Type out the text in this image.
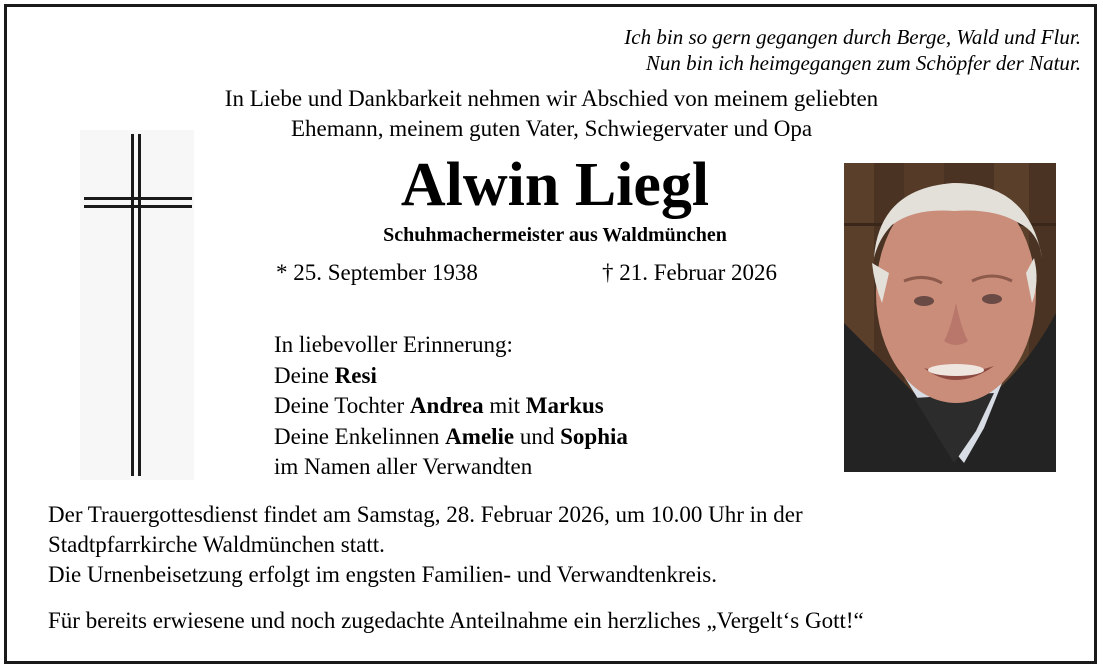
Ich bin so gern gegangen durch Berge, Wald und Flur.
Nun bin ich heimgegangen zum Schöpfer der Natur.
In Liebe und Dankbarkeit nehmen wir Abschied von meinem geliebten
Ehemann, meinem guten Vater, Schwiegervater und Opa
Alwin Liegl
Schuhmachermeister aus Waldmünchen
* 25. September 1938	† 21. Februar 2026
In liebevoller Erinnerung:
Deine Resi
Deine Tochter Andrea mit Markus
Deine Enkelinnen Amelie und Sophia
im Namen aller Verwandten
Der Trauergottesdienst findet am Samstag, 28. Februar 2026, um 10.00 Uhr in der
Stadtpfarrkirche Waldmünchen statt.
Die Urnenbeisetzung erfolgt im engsten Familien- und Verwandtenkreis.
Für bereits erwiesene und noch zugedachte Anteilnahme ein herzliches „Vergelt‘s Gott!“
